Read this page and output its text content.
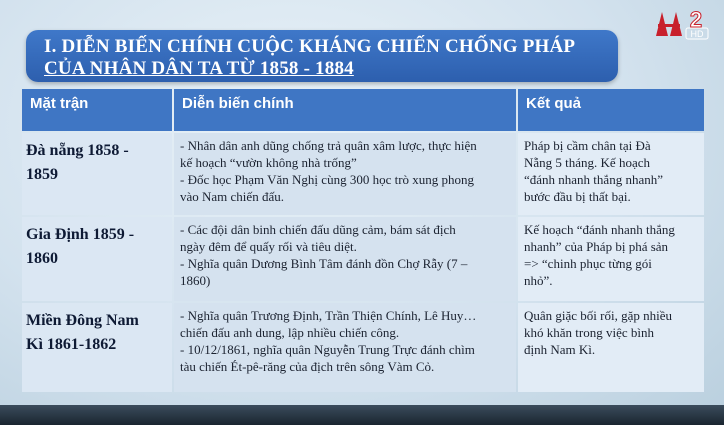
I. DIỄN BIẾN CHÍNH CUỘC KHÁNG CHIẾN CHỐNG PHÁP
CỦA NHÂN DÂN TA TỪ 1858 - 1884
Mặt trận	Diễn biến chính	Kết quả
Đà nẵng 1858 -
1859
- Nhân dân anh dũng chống trả quân xâm lược, thực hiện
kế hoạch “vườn không nhà trống”
- Đốc học Phạm Văn Nghị cùng 300 học trò xung phong
vào Nam chiến đấu.
Pháp bị cầm chân tại Đà
Nẵng 5 tháng. Kế hoạch
“đánh nhanh thắng nhanh”
bước đầu bị thất bại.
Gia Định 1859 -
1860
- Các đội dân binh chiến đấu dũng cảm, bám sát địch
ngày đêm để quấy rối và tiêu diệt.
- Nghĩa quân Dương Bình Tâm đánh đồn Chợ Rẫy (7 –
1860)
Kế hoạch “đánh nhanh thắng
nhanh” của Pháp bị phá sản
=> “chinh phục từng gói
nhỏ”.
Miền Đông Nam
Kì 1861-1862
- Nghĩa quân Trương Định, Trần Thiện Chính, Lê Huy…
chiến đấu anh dung, lập nhiều chiến công.
- 10/12/1861, nghĩa quân Nguyễn Trung Trực đánh chìm
tàu chiến Ét-pê-răng của địch trên sông Vàm Cỏ.
Quân giặc bối rối, gặp nhiều
khó khăn trong việc bình
định Nam Kì.
2
HD
